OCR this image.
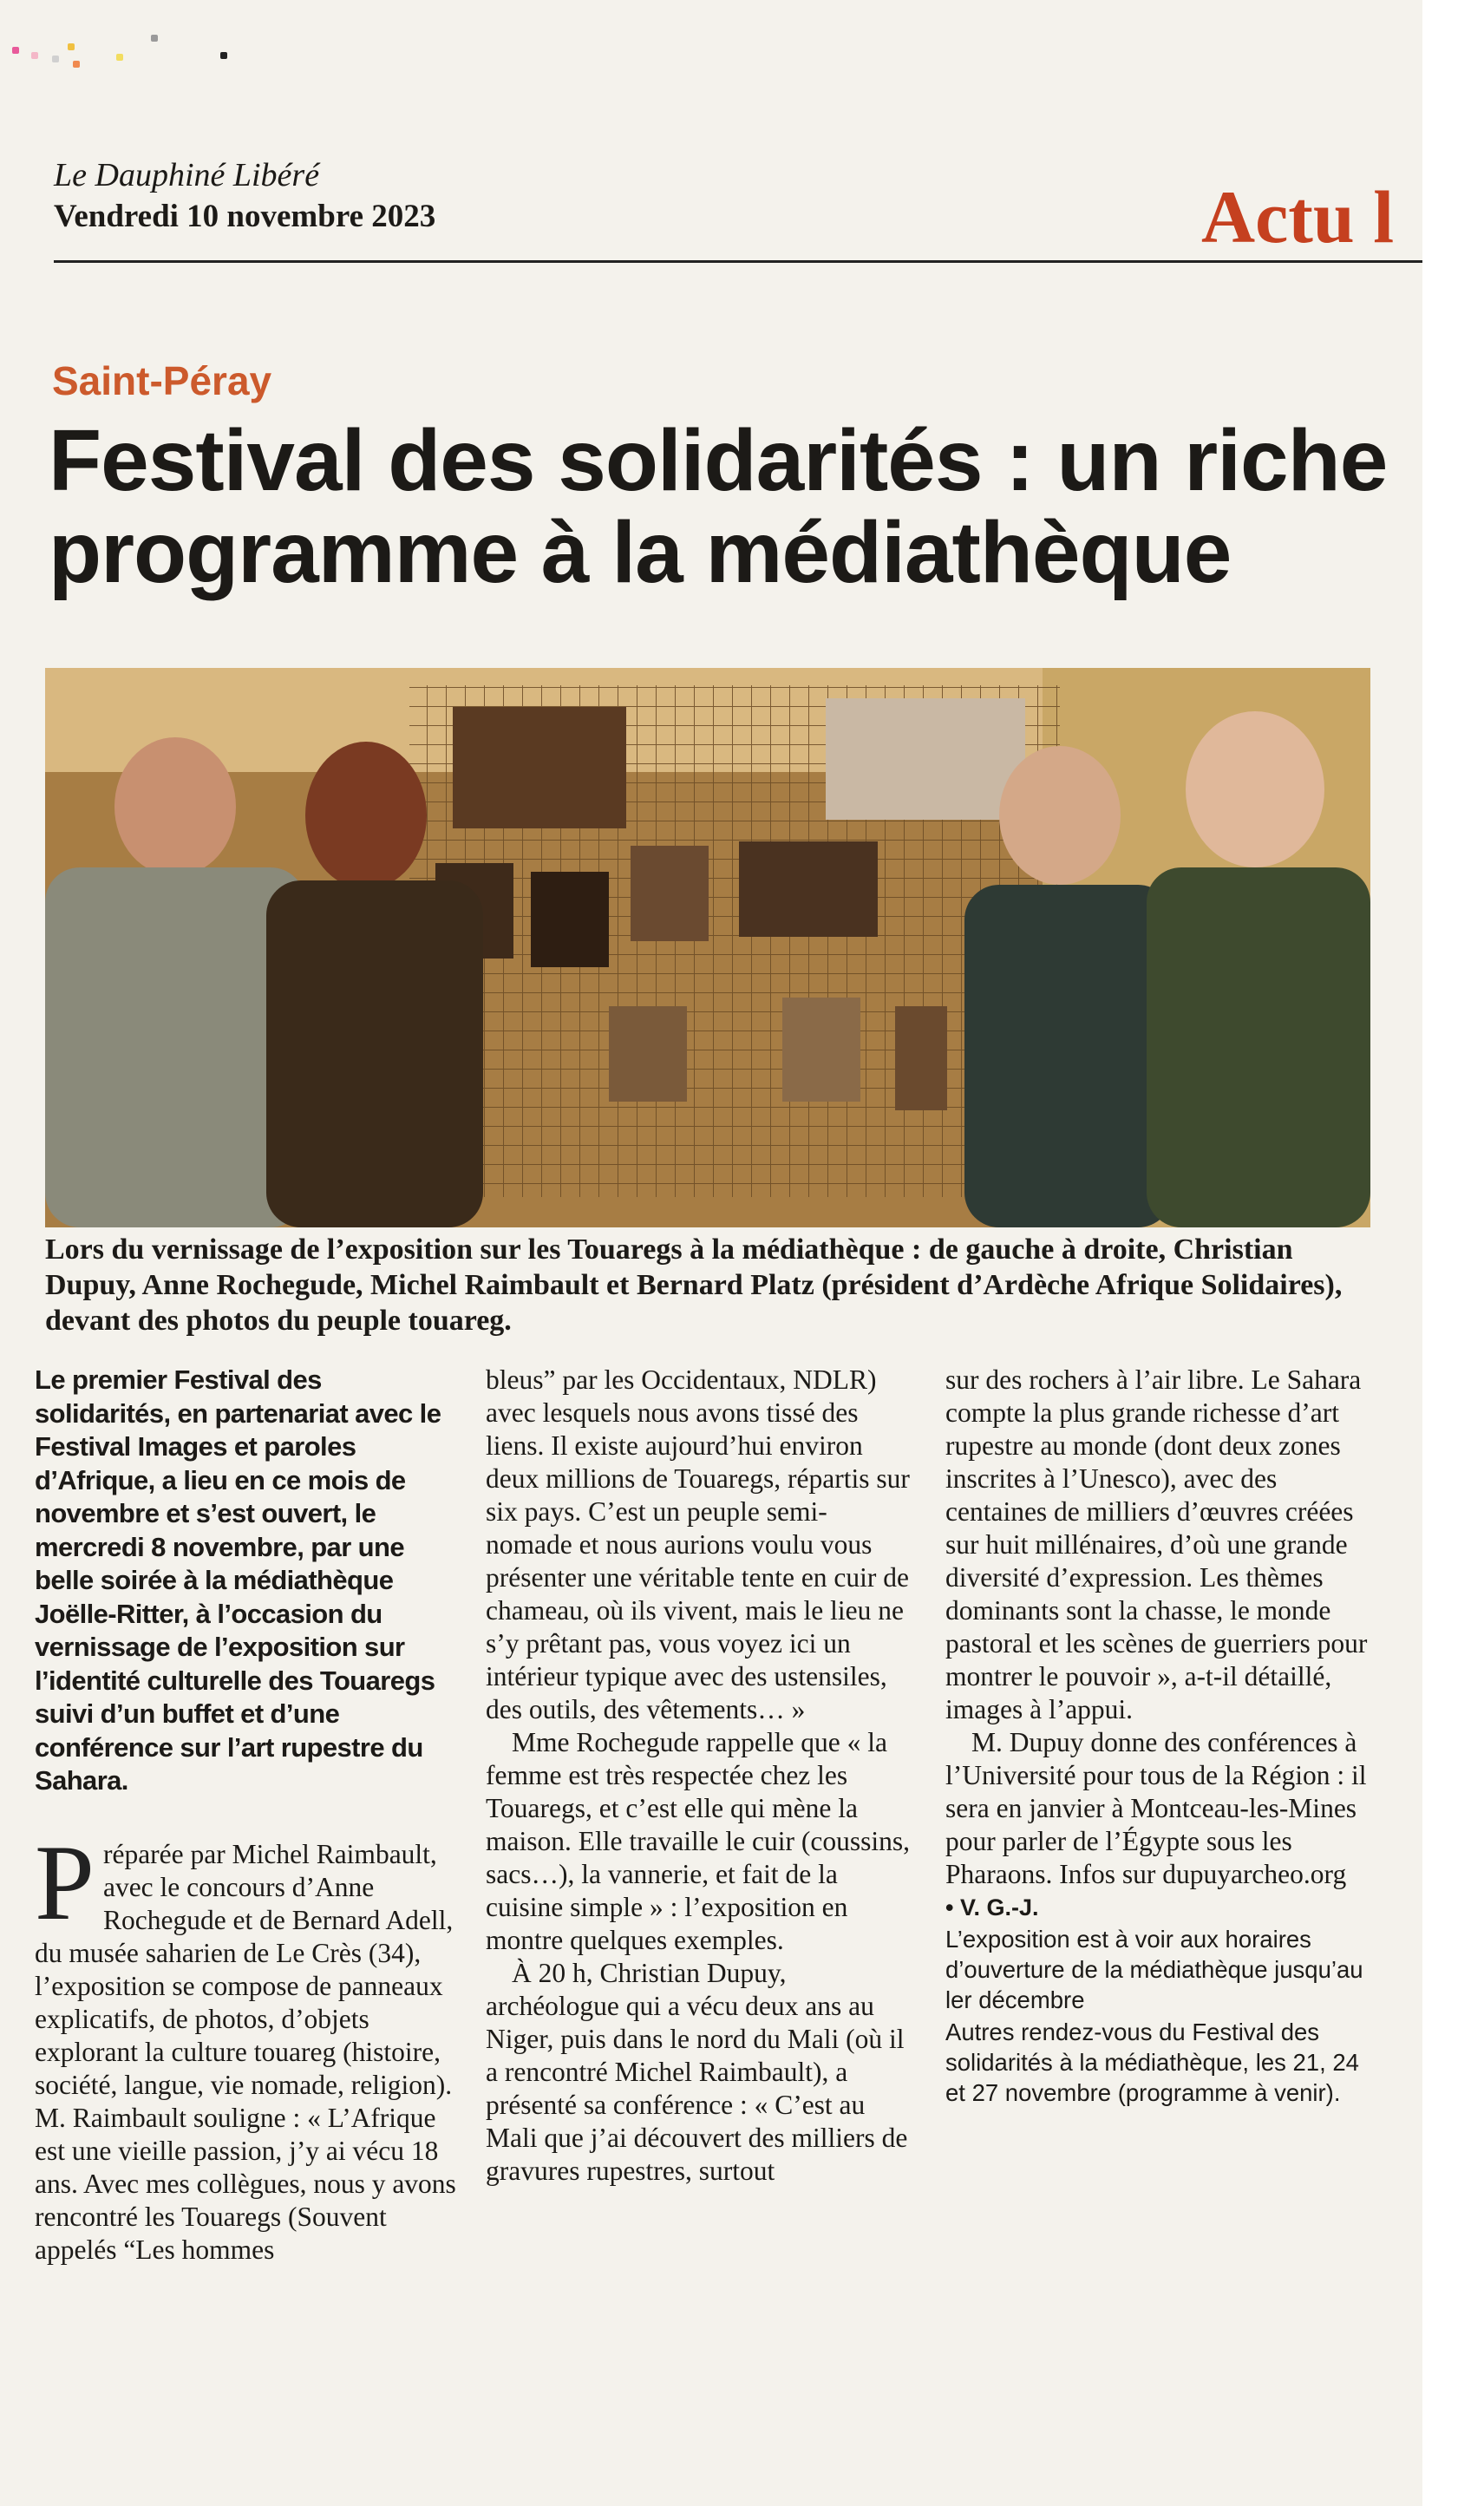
Le Dauphiné Libéré
Vendredi 10 novembre 2023	Actu l
Saint-Péray
Festival des solidarités : un riche
programme à la médiathèque
Lors du vernissage de l’exposition sur les Touaregs à la médiathèque : de gauche à droite, Christian Dupuy, Anne Rochegude, Michel Raimbault et Bernard Platz (président d’Ardèche Afrique Solidaires), devant des photos du peuple touareg.

Le premier Festival des solidarités, en partenariat avec le Festival Images et paroles d’Afrique, a lieu en ce mois de novembre et s’est ouvert, le mercredi 8 novembre, par une belle soirée à la médiathèque Joëlle-Ritter, à l’occasion du vernissage de l’exposition sur l’identité culturelle des Touaregs suivi d’un buffet et d’une conférence sur l’art rupestre du Sahara.

Préparée par Michel Raimbault, avec le concours d’Anne Rochegude et de Bernard Adell, du musée saharien de Le Crès (34), l’exposition se compose de panneaux explicatifs, de photos, d’objets explorant la culture touareg (histoire, société, langue, vie nomade, religion). M. Raimbault souligne : « L’Afrique est une vieille passion, j’y ai vécu 18 ans. Avec mes collègues, nous y avons rencontré les Touaregs (Souvent appelés “Les hommes

bleus” par les Occidentaux, NDLR) avec lesquels nous avons tissé des liens. Il existe aujourd’hui environ deux millions de Touaregs, répartis sur six pays. C’est un peuple semi-nomade et nous aurions voulu vous présenter une véritable tente en cuir de chameau, où ils vivent, mais le lieu ne s’y prêtant pas, vous voyez ici un intérieur typique avec des ustensiles, des outils, des vêtements… »

Mme Rochegude rappelle que « la femme est très respectée chez les Touaregs, et c’est elle qui mène la maison. Elle travaille le cuir (coussins, sacs…), la vannerie, et fait de la cuisine simple » : l’exposition en montre quelques exemples.

À 20 h, Christian Dupuy, archéologue qui a vécu deux ans au Niger, puis dans le nord du Mali (où il a rencontré Michel Raimbault), a présenté sa conférence : « C’est au Mali que j’ai découvert des milliers de gravures rupestres, surtout

sur des rochers à l’air libre. Le Sahara compte la plus grande richesse d’art rupestre au monde (dont deux zones inscrites à l’Unesco), avec des centaines de milliers d’œuvres créées sur huit millénaires, d’où une grande diversité d’expression. Les thèmes dominants sont la chasse, le monde pastoral et les scènes de guerriers pour montrer le pouvoir », a-t-il détaillé, images à l’appui.

M. Dupuy donne des conférences à l’Université pour tous de la Région : il sera en janvier à Montceau-les-Mines pour parler de l’Égypte sous les Pharaons. Infos sur dupuyarcheo.org

• V. G.-J.

L’exposition est à voir aux horaires d’ouverture de la médiathèque jusqu’au ler décembre

Autres rendez-vous du Festival des solidarités à la médiathèque, les 21, 24 et 27 novembre (programme à venir).
